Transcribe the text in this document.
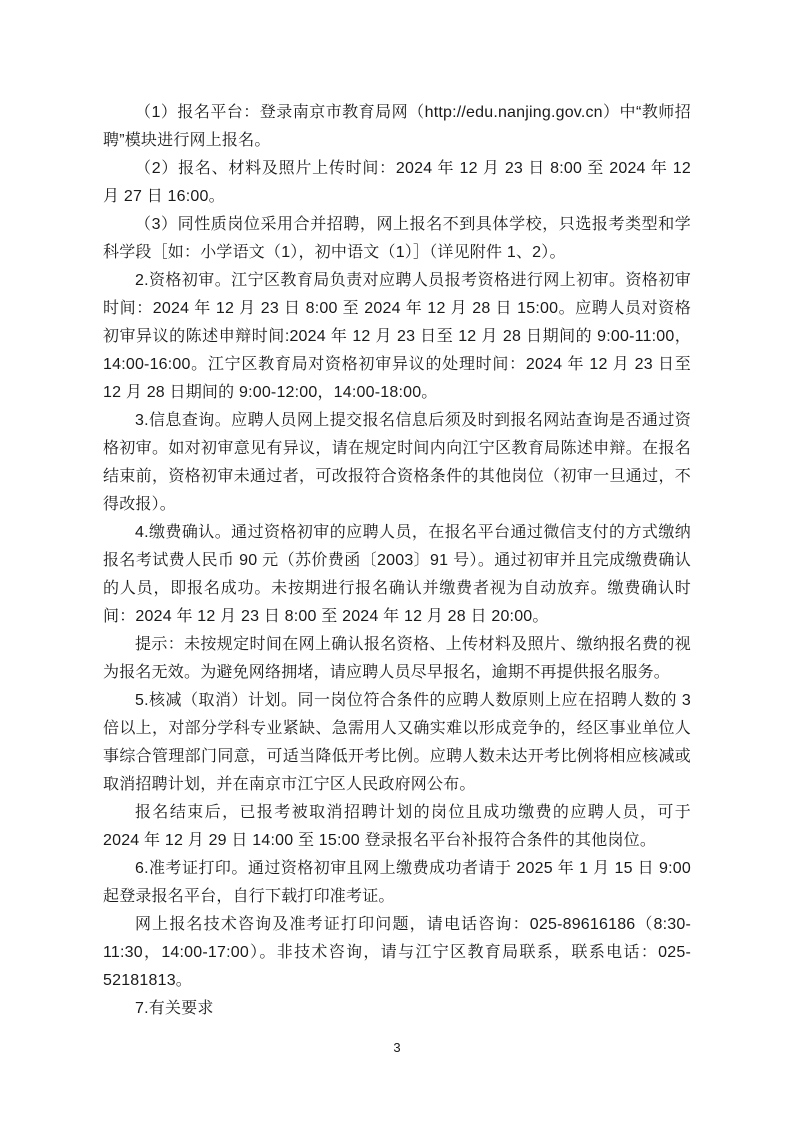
（1）报名平台：登录南京市教育局网（http://edu.nanjing.gov.cn）中“教师招聘”模块进行网上报名。

（2）报名、材料及照片上传时间：2024 年 12 月 23 日 8:00 至 2024 年 12 月 27 日 16:00。

（3）同性质岗位采用合并招聘，网上报名不到具体学校，只选报考类型和学科学段［如：小学语文（1），初中语文（1）］（详见附件 1、2）。

2.资格初审。江宁区教育局负责对应聘人员报考资格进行网上初审。资格初审时间：2024 年 12 月 23 日 8:00 至 2024 年 12 月 28 日 15:00。应聘人员对资格初审异议的陈述申辩时间:2024 年 12 月 23 日至 12 月 28 日期间的 9:00-11:00，14:00-16:00。江宁区教育局对资格初审异议的处理时间：2024 年 12 月 23 日至 12 月 28 日期间的 9:00-12:00，14:00-18:00。

3.信息查询。应聘人员网上提交报名信息后须及时到报名网站查询是否通过资格初审。如对初审意见有异议，请在规定时间内向江宁区教育局陈述申辩。在报名结束前，资格初审未通过者，可改报符合资格条件的其他岗位（初审一旦通过，不得改报）。

4.缴费确认。通过资格初审的应聘人员，在报名平台通过微信支付的方式缴纳报名考试费人民币 90 元（苏价费函〔2003〕91 号）。通过初审并且完成缴费确认的人员，即报名成功。未按期进行报名确认并缴费者视为自动放弃。缴费确认时间：2024 年 12 月 23 日 8:00 至 2024 年 12 月 28 日 20:00。

提示：未按规定时间在网上确认报名资格、上传材料及照片、缴纳报名费的视为报名无效。为避免网络拥堵，请应聘人员尽早报名，逾期不再提供报名服务。

5.核减（取消）计划。同一岗位符合条件的应聘人数原则上应在招聘人数的 3 倍以上，对部分学科专业紧缺、急需用人又确实难以形成竞争的，经区事业单位人事综合管理部门同意，可适当降低开考比例。应聘人数未达开考比例将相应核减或取消招聘计划，并在南京市江宁区人民政府网公布。

报名结束后，已报考被取消招聘计划的岗位且成功缴费的应聘人员，可于 2024 年 12 月 29 日 14:00 至 15:00 登录报名平台补报符合条件的其他岗位。

6.准考证打印。通过资格初审且网上缴费成功者请于 2025 年 1 月 15 日 9:00 起登录报名平台，自行下载打印准考证。

网上报名技术咨询及准考证打印问题，请电话咨询：025-89616186（8:30-11:30，14:00-17:00）。非技术咨询，请与江宁区教育局联系，联系电话：025-52181813。

7.有关要求

3
